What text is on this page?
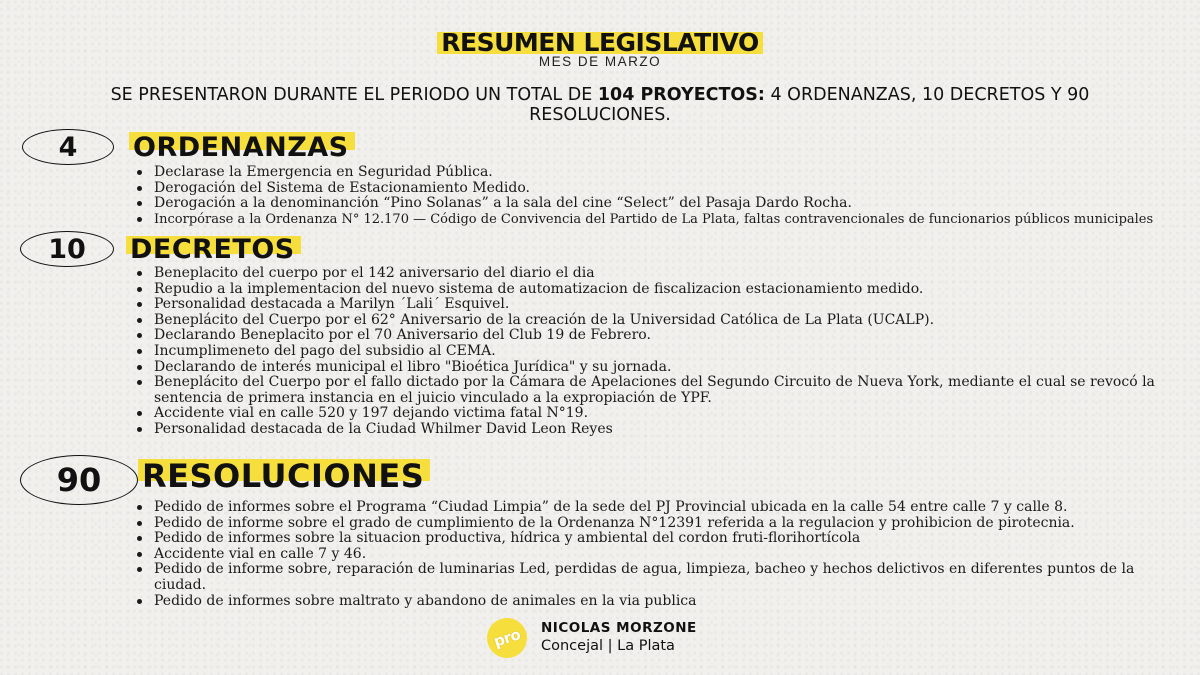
RESUMEN LEGISLATIVO
MES DE MARZO
SE PRESENTARON DURANTE EL PERIODO UN TOTAL DE 104 PROYECTOS: 4 ORDENANZAS, 10 DECRETOS Y 90 RESOLUCIONES.
4	ORDENANZAS
Declarase la Emergencia en Seguridad Pública.
Derogación del Sistema de Estacionamiento Medido.
Derogación a la denominanción “Pino Solanas” a la sala del cine “Select” del Pasaja Dardo Rocha.
Incorpórase a la Ordenanza N° 12.170 — Código de Convivencia del Partido de La Plata, faltas contravencionales de funcionarios públicos municipales
10	DECRETOS
Beneplacito del cuerpo por el 142 aniversario del diario el dia
Repudio a la implementacion del nuevo sistema de automatizacion de fiscalizacion estacionamiento medido.
Personalidad destacada a Marilyn ´Lali´ Esquivel.
Beneplácito del Cuerpo por el 62° Aniversario de la creación de la Universidad Católica de La Plata (UCALP).
Declarando Beneplacito por el 70 Aniversario del Club 19 de Febrero.
Incumplimeneto del pago del subsidio al CEMA.
Declarando de interés municipal el libro "Bioética Jurídica" y su jornada.
Beneplácito del Cuerpo por el fallo dictado por la Cámara de Apelaciones del Segundo Circuito de Nueva York, mediante el cual se revocó la sentencia de primera instancia en el juicio vinculado a la expropiación de YPF.
Accidente vial en calle 520 y 197 dejando victima fatal N°19.
Personalidad destacada de la Ciudad Whilmer David Leon Reyes
90	RESOLUCIONES
Pedido de informes sobre el Programa “Ciudad Limpia” de la sede del PJ Provincial ubicada en la calle 54 entre calle 7 y calle 8.
Pedido de informe sobre el grado de cumplimiento de la Ordenanza N°12391 referida a la regulacion y prohibicion de pirotecnia.
Pedido de informes sobre la situacion productiva, hídrica y ambiental del cordon fruti-florihortícola
Accidente vial en calle 7 y 46.
Pedido de informe sobre, reparación de luminarias Led, perdidas de agua, limpieza, bacheo y hechos delictivos en diferentes puntos de la ciudad.
Pedido de informes sobre maltrato y abandono de animales en la via publica
pro NICOLAS MORZONE
Concejal | La Plata
